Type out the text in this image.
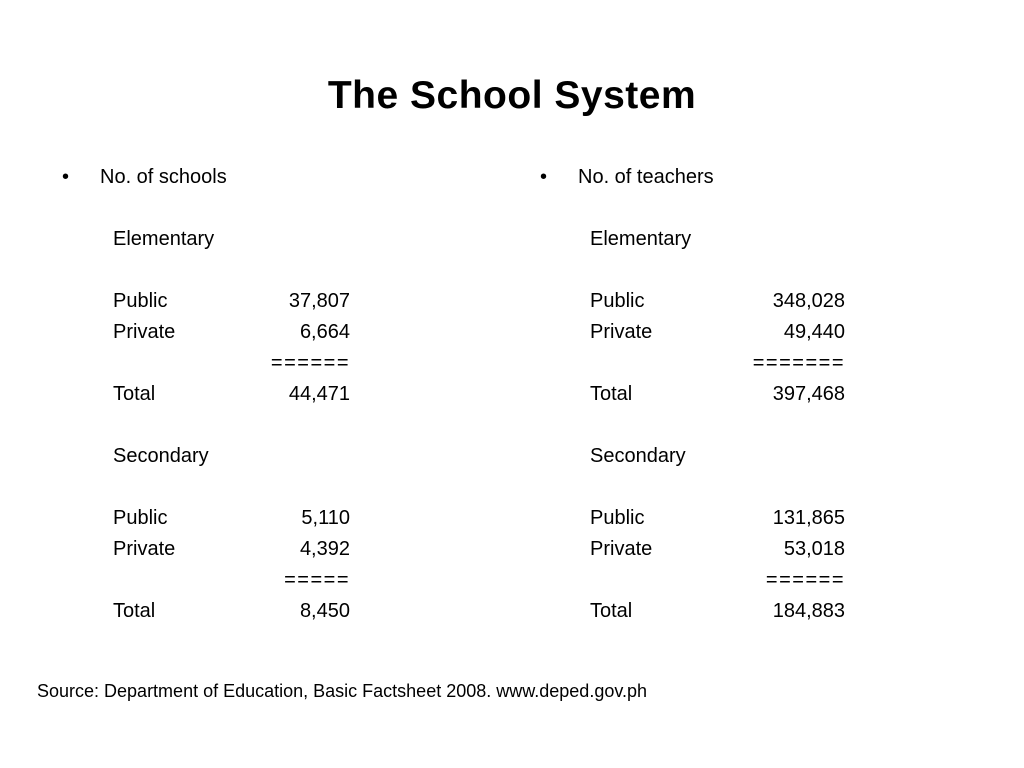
The School System
•	No. of schools
Elementary
Public	37,807
Private	6,664
======
Total	44,471
Secondary
Public	5,110
Private	4,392
=====
Total	8,450
•	No. of teachers
Elementary
Public	348,028
Private	49,440
=======
Total	397,468
Secondary
Public	131,865
Private	53,018
======
Total	184,883
Source: Department of Education, Basic Factsheet 2008. www.deped.gov.ph
